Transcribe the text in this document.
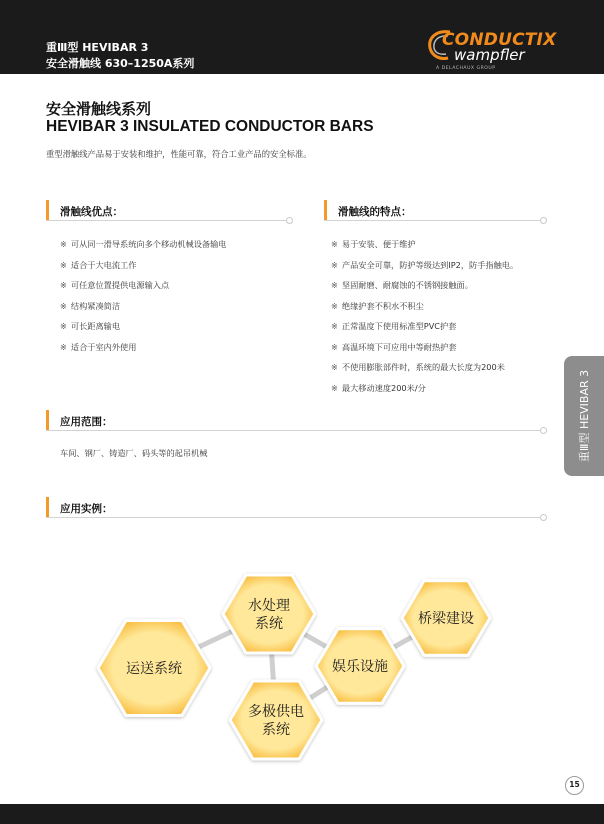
重Ⅲ型 HEVIBAR 3
安全滑触线 630–1250A系列
CONDUCTIX
wampfler
A DELACHAUX GROUP
安全滑触线系列
HEVIBAR 3 INSULATED CONDUCTOR BARS
重型滑触线产品易于安装和维护，性能可靠，符合工业产品的安全标准。
滑触线优点：
※ 可从同一滑导系统向多个移动机械设备输电
※ 适合于大电流工作
※ 可任意位置提供电源输入点
※ 结构紧凑简洁
※ 可长距离输电
※ 适合于室内外使用
滑触线的特点：
※ 易于安装、便于维护
※ 产品安全可靠，防护等级达到IP2，防手指触电。
※ 坚固耐磨、耐腐蚀的不锈钢接触面。
※ 绝缘护套不积水不积尘
※ 正常温度下使用标准型PVC护套
※ 高温环境下可应用中等耐热护套
※ 不使用膨胀部件时，系统的最大长度为200米
※ 最大移动速度200米/分
应用范围：
车间、钢厂、铸造厂、码头等的起吊机械
应用实例：
重Ⅲ型 HEVIBAR 3
运送系统
水处理
系统
多极供电
系统
娱乐设施
桥梁建设
15
